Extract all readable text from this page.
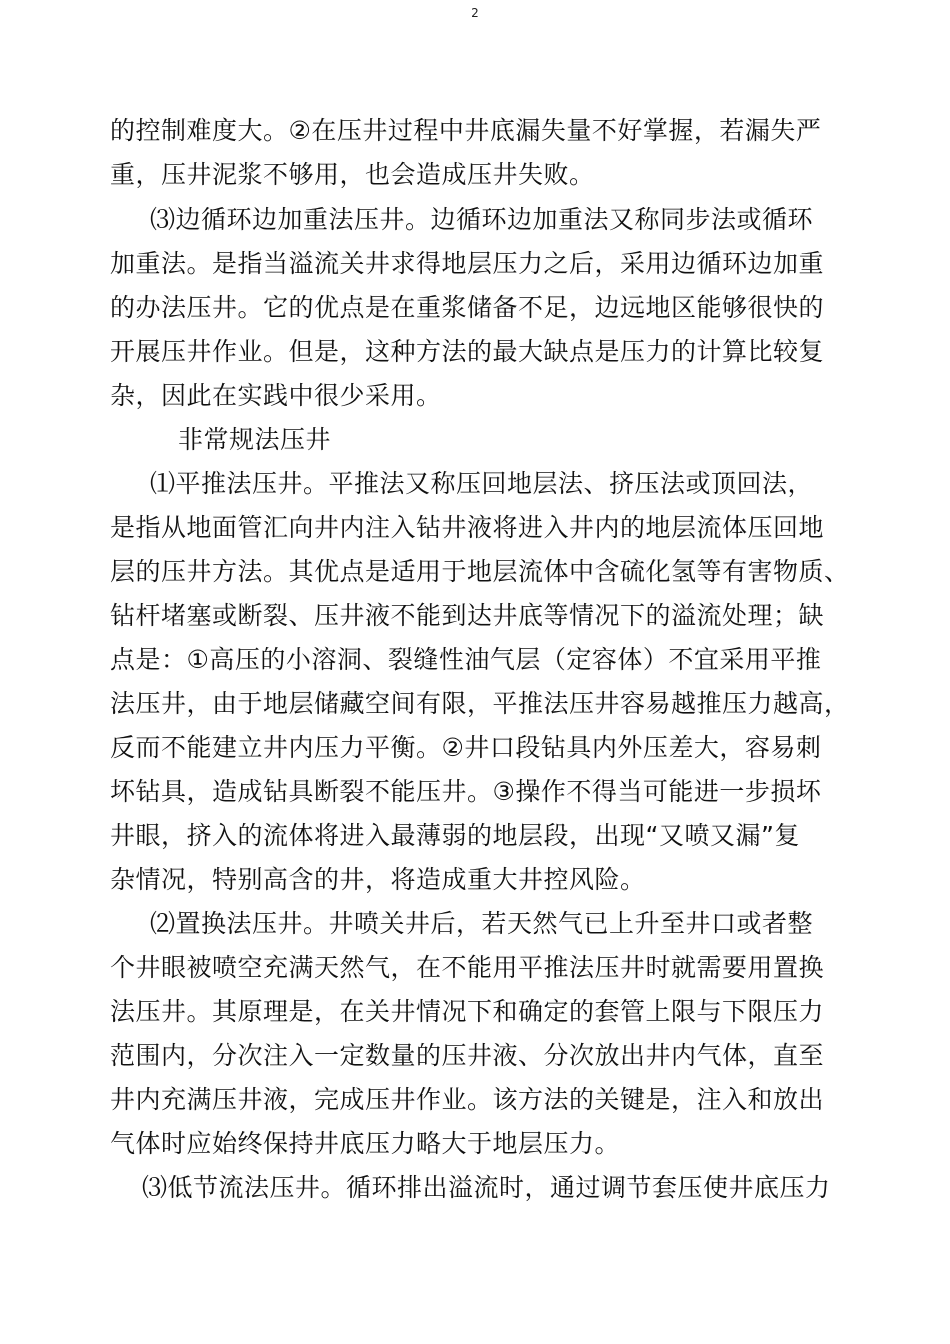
2
的控制难度大。②在压井过程中井底漏失量不好掌握，若漏失严
重，压井泥浆不够用，也会造成压井失败。
⑶边循环边加重法压井。边循环边加重法又称同步法或循环
加重法。是指当溢流关井求得地层压力之后，采用边循环边加重
的办法压井。它的优点是在重浆储备不足，边远地区能够很快的
开展压井作业。但是，这种方法的最大缺点是压力的计算比较复
杂，因此在实践中很少采用。
非常规法压井
⑴平推法压井。平推法又称压回地层法、挤压法或顶回法，
是指从地面管汇向井内注入钻井液将进入井内的地层流体压回地
层的压井方法。其优点是适用于地层流体中含硫化氢等有害物质、
钻杆堵塞或断裂、压井液不能到达井底等情况下的溢流处理；缺
点是：①高压的小溶洞、裂缝性油气层（定容体）不宜采用平推
法压井，由于地层储藏空间有限，平推法压井容易越推压力越高，
反而不能建立井内压力平衡。②井口段钻具内外压差大，容易刺
坏钻具，造成钻具断裂不能压井。③操作不得当可能进一步损坏
井眼，挤入的流体将进入最薄弱的地层段，出现“又喷又漏”复
杂情况，特别高含的井，将造成重大井控风险。
⑵置换法压井。井喷关井后，若天然气已上升至井口或者整
个井眼被喷空充满天然气，在不能用平推法压井时就需要用置换
法压井。其原理是，在关井情况下和确定的套管上限与下限压力
范围内，分次注入一定数量的压井液、分次放出井内气体，直至
井内充满压井液，完成压井作业。该方法的关键是，注入和放出
气体时应始终保持井底压力略大于地层压力。
⑶低节流法压井。循环排出溢流时，通过调节套压使井底压力
